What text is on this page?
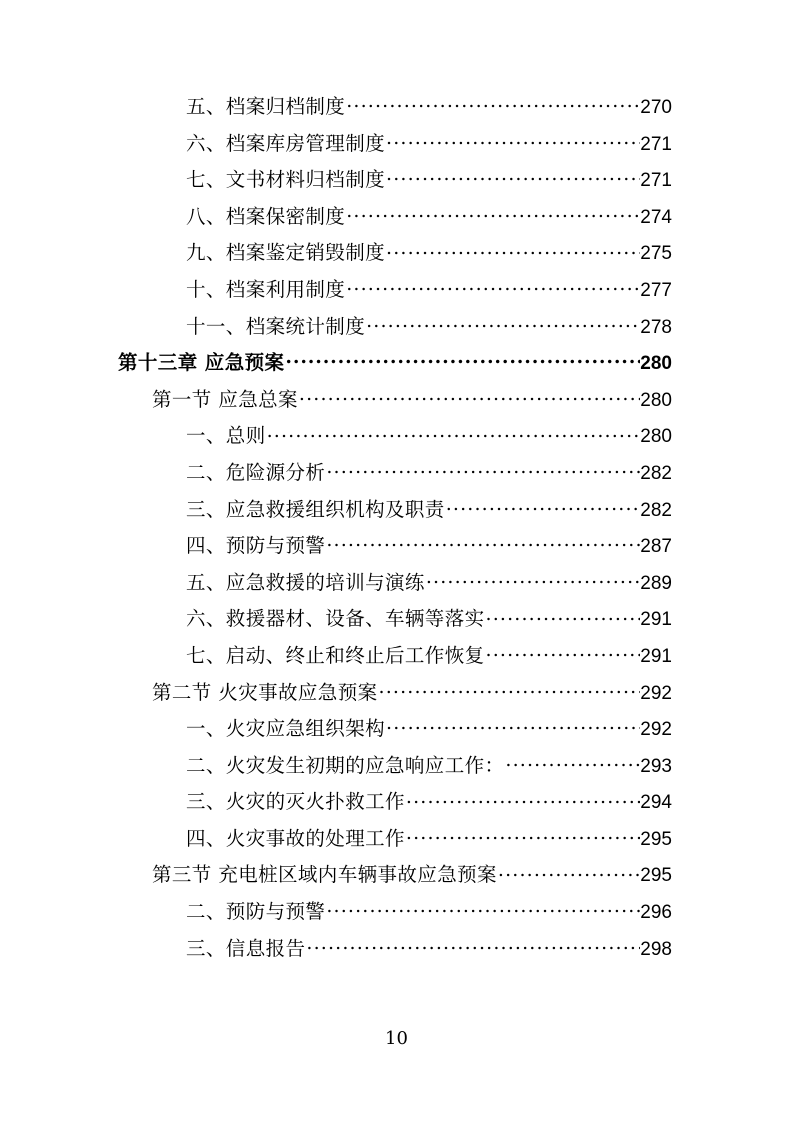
五、档案归档制度 .....	270
六、档案库房管理制度 .....	271
七、文书材料归档制度 .....	271
八、档案保密制度 .....	274
九、档案鉴定销毁制度 .....	275
十、档案利用制度 .....	277
十一、档案统计制度 .....	278
第十三章 应急预案 .....	280
第一节 应急总案 .....	280
一、总则 .....	280
二、危险源分析 .....	282
三、应急救援组织机构及职责 .....	282
四、预防与预警 .....	287
五、应急救援的培训与演练 .....	289
六、救援器材、设备、车辆等落实 .....	291
七、启动、终止和终止后工作恢复 .....	291
第二节 火灾事故应急预案 .....	292
一、火灾应急组织架构 .....	292
二、火灾发生初期的应急响应工作： .....	293
三、火灾的灭火扑救工作 .....	294
四、火灾事故的处理工作 .....	295
第三节 充电桩区域内车辆事故应急预案 .....	295
二、预防与预警 .....	296
三、信息报告 .....	298
10
